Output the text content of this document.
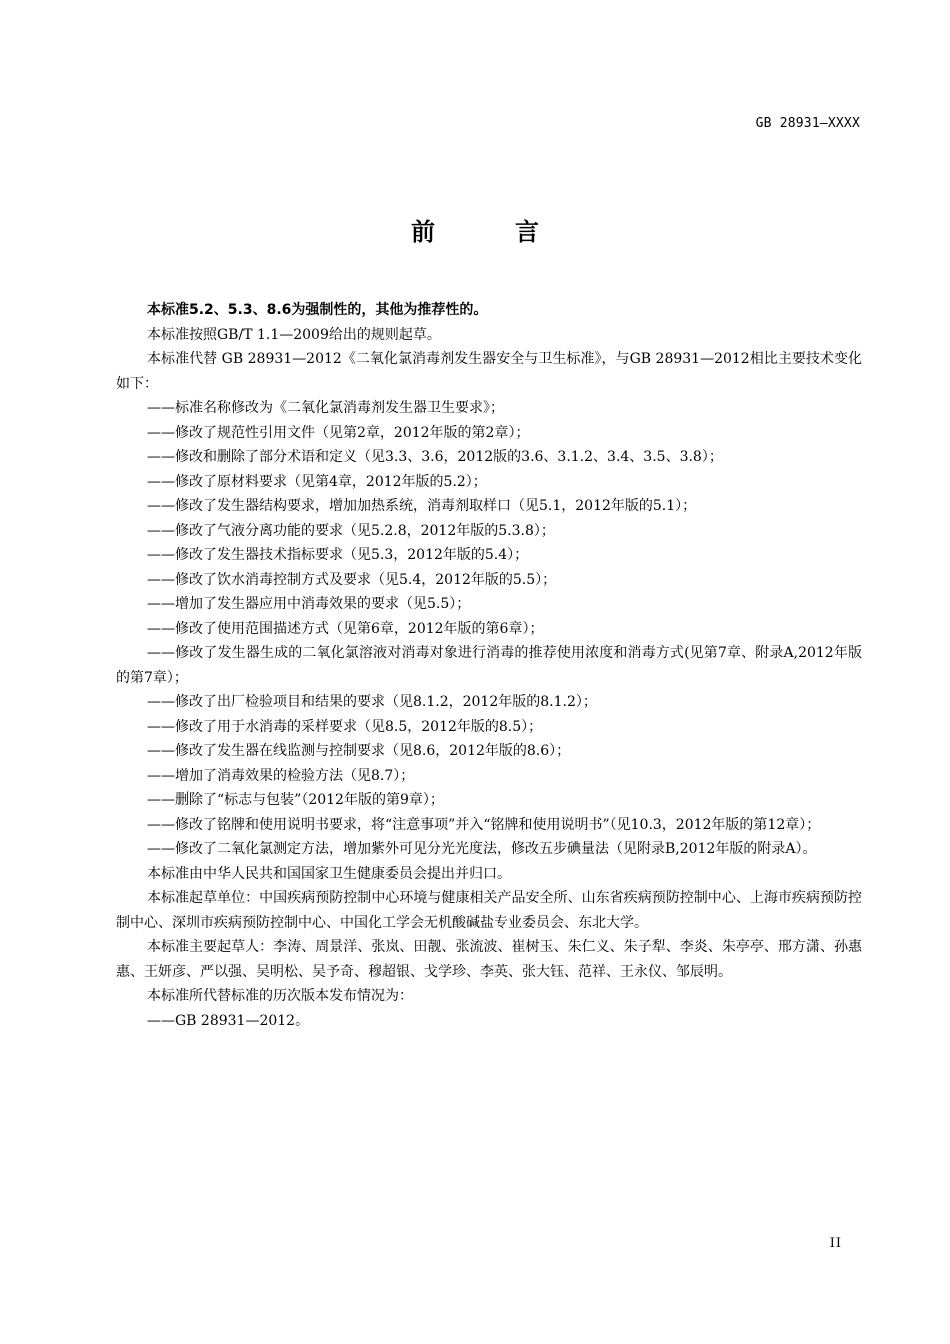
GB 28931—XXXX
前　言

本标准5.2、5.3、8.6为强制性的，其他为推荐性的。

本标准按照GB/T 1.1—2009给出的规则起草。

本标准代替 GB 28931—2012《二氧化氯消毒剂发生器安全与卫生标准》，与GB 28931—2012相比主要技术变化如下：

——标准名称修改为《二氧化氯消毒剂发生器卫生要求》；

——修改了规范性引用文件（见第2章，2012年版的第2章）；

——修改和删除了部分术语和定义（见3.3、3.6，2012版的3.6、3.1.2、3.4、3.5、3.8）；

——修改了原材料要求（见第4章，2012年版的5.2）；

——修改了发生器结构要求，增加加热系统，消毒剂取样口（见5.1，2012年版的5.1）；

——修改了气液分离功能的要求（见5.2.8，2012年版的5.3.8）；

——修改了发生器技术指标要求（见5.3，2012年版的5.4）；

——修改了饮水消毒控制方式及要求（见5.4，2012年版的5.5）；

——增加了发生器应用中消毒效果的要求（见5.5）；

——修改了使用范围描述方式（见第6章，2012年版的第6章）；

——修改了发生器生成的二氧化氯溶液对消毒对象进行消毒的推荐使用浓度和消毒方式(见第7章、附录A,2012年版的第7章）；

——修改了出厂检验项目和结果的要求（见8.1.2，2012年版的8.1.2）；

——修改了用于水消毒的采样要求（见8.5，2012年版的8.5）；

——修改了发生器在线监测与控制要求（见8.6，2012年版的8.6）；

——增加了消毒效果的检验方法（见8.7）；

——删除了“标志与包装”（2012年版的第9章）；

——修改了铭牌和使用说明书要求，将“注意事项”并入“铭牌和使用说明书”（见10.3，2012年版的第12章）；

——修改了二氧化氯测定方法，增加紫外可见分光光度法，修改五步碘量法（见附录B,2012年版的附录A）。

本标准由中华人民共和国国家卫生健康委员会提出并归口。

本标准起草单位：中国疾病预防控制中心环境与健康相关产品安全所、山东省疾病预防控制中心、上海市疾病预防控制中心、深圳市疾病预防控制中心、中国化工学会无机酸碱盐专业委员会、东北大学。

本标准主要起草人：李涛、周景洋、张岚、田靓、张流波、崔树玉、朱仁义、朱子犁、李炎、朱亭亭、邢方潇、孙惠惠、王妍彦、严以强、吴明松、吴予奇、穆超银、戈学珍、李英、张大钰、范祥、王永仪、邹辰明。

本标准所代替标准的历次版本发布情况为：

——GB 28931—2012。

II
